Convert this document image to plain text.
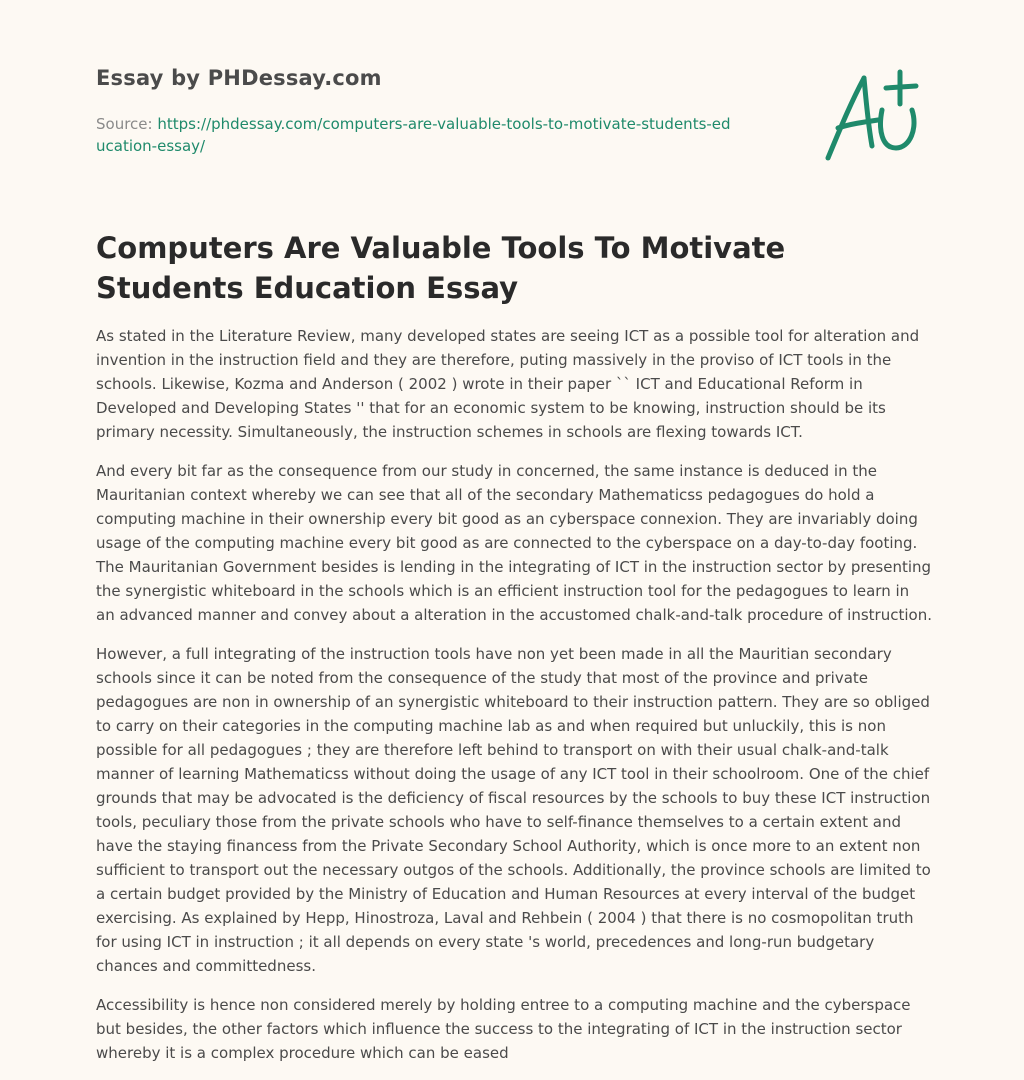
Essay by PHDessay.com
Source: https://phdessay.com/computers-are-valuable-tools-to-motivate-students-education-essay/
Computers Are Valuable Tools To Motivate Students Education Essay

As stated in the Literature Review, many developed states are seeing ICT as a possible tool for alteration and invention in the instruction field and they are therefore, puting massively in the proviso of ICT tools in the schools. Likewise, Kozma and Anderson ( 2002 ) wrote in their paper `` ICT and Educational Reform in Developed and Developing States '' that for an economic system to be knowing, instruction should be its primary necessity. Simultaneously, the instruction schemes in schools are flexing towards ICT.

And every bit far as the consequence from our study in concerned, the same instance is deduced in the Mauritanian context whereby we can see that all of the secondary Mathematicss pedagogues do hold a computing machine in their ownership every bit good as an cyberspace connexion. They are invariably doing usage of the computing machine every bit good as are connected to the cyberspace on a day-to-day footing. The Mauritanian Government besides is lending in the integrating of ICT in the instruction sector by presenting the synergistic whiteboard in the schools which is an efficient instruction tool for the pedagogues to learn in an advanced manner and convey about a alteration in the accustomed chalk-and-talk procedure of instruction.

However, a full integrating of the instruction tools have non yet been made in all the Mauritian secondary schools since it can be noted from the consequence of the study that most of the province and private pedagogues are non in ownership of an synergistic whiteboard to their instruction pattern. They are so obliged to carry on their categories in the computing machine lab as and when required but unluckily, this is non possible for all pedagogues ; they are therefore left behind to transport on with their usual chalk-and-talk manner of learning Mathematicss without doing the usage of any ICT tool in their schoolroom. One of the chief grounds that may be advocated is the deficiency of fiscal resources by the schools to buy these ICT instruction tools, peculiary those from the private schools who have to self-finance themselves to a certain extent and have the staying financess from the Private Secondary School Authority, which is once more to an extent non sufficient to transport out the necessary outgos of the schools. Additionally, the province schools are limited to a certain budget provided by the Ministry of Education and Human Resources at every interval of the budget exercising. As explained by Hepp, Hinostroza, Laval and Rehbein ( 2004 ) that there is no cosmopolitan truth for using ICT in instruction ; it all depends on every state 's world, precedences and long-run budgetary chances and committedness.

Accessibility is hence non considered merely by holding entree to a computing machine and the cyberspace but besides, the other factors which influence the success to the integrating of ICT in the instruction sector whereby it is a complex procedure which can be eased
